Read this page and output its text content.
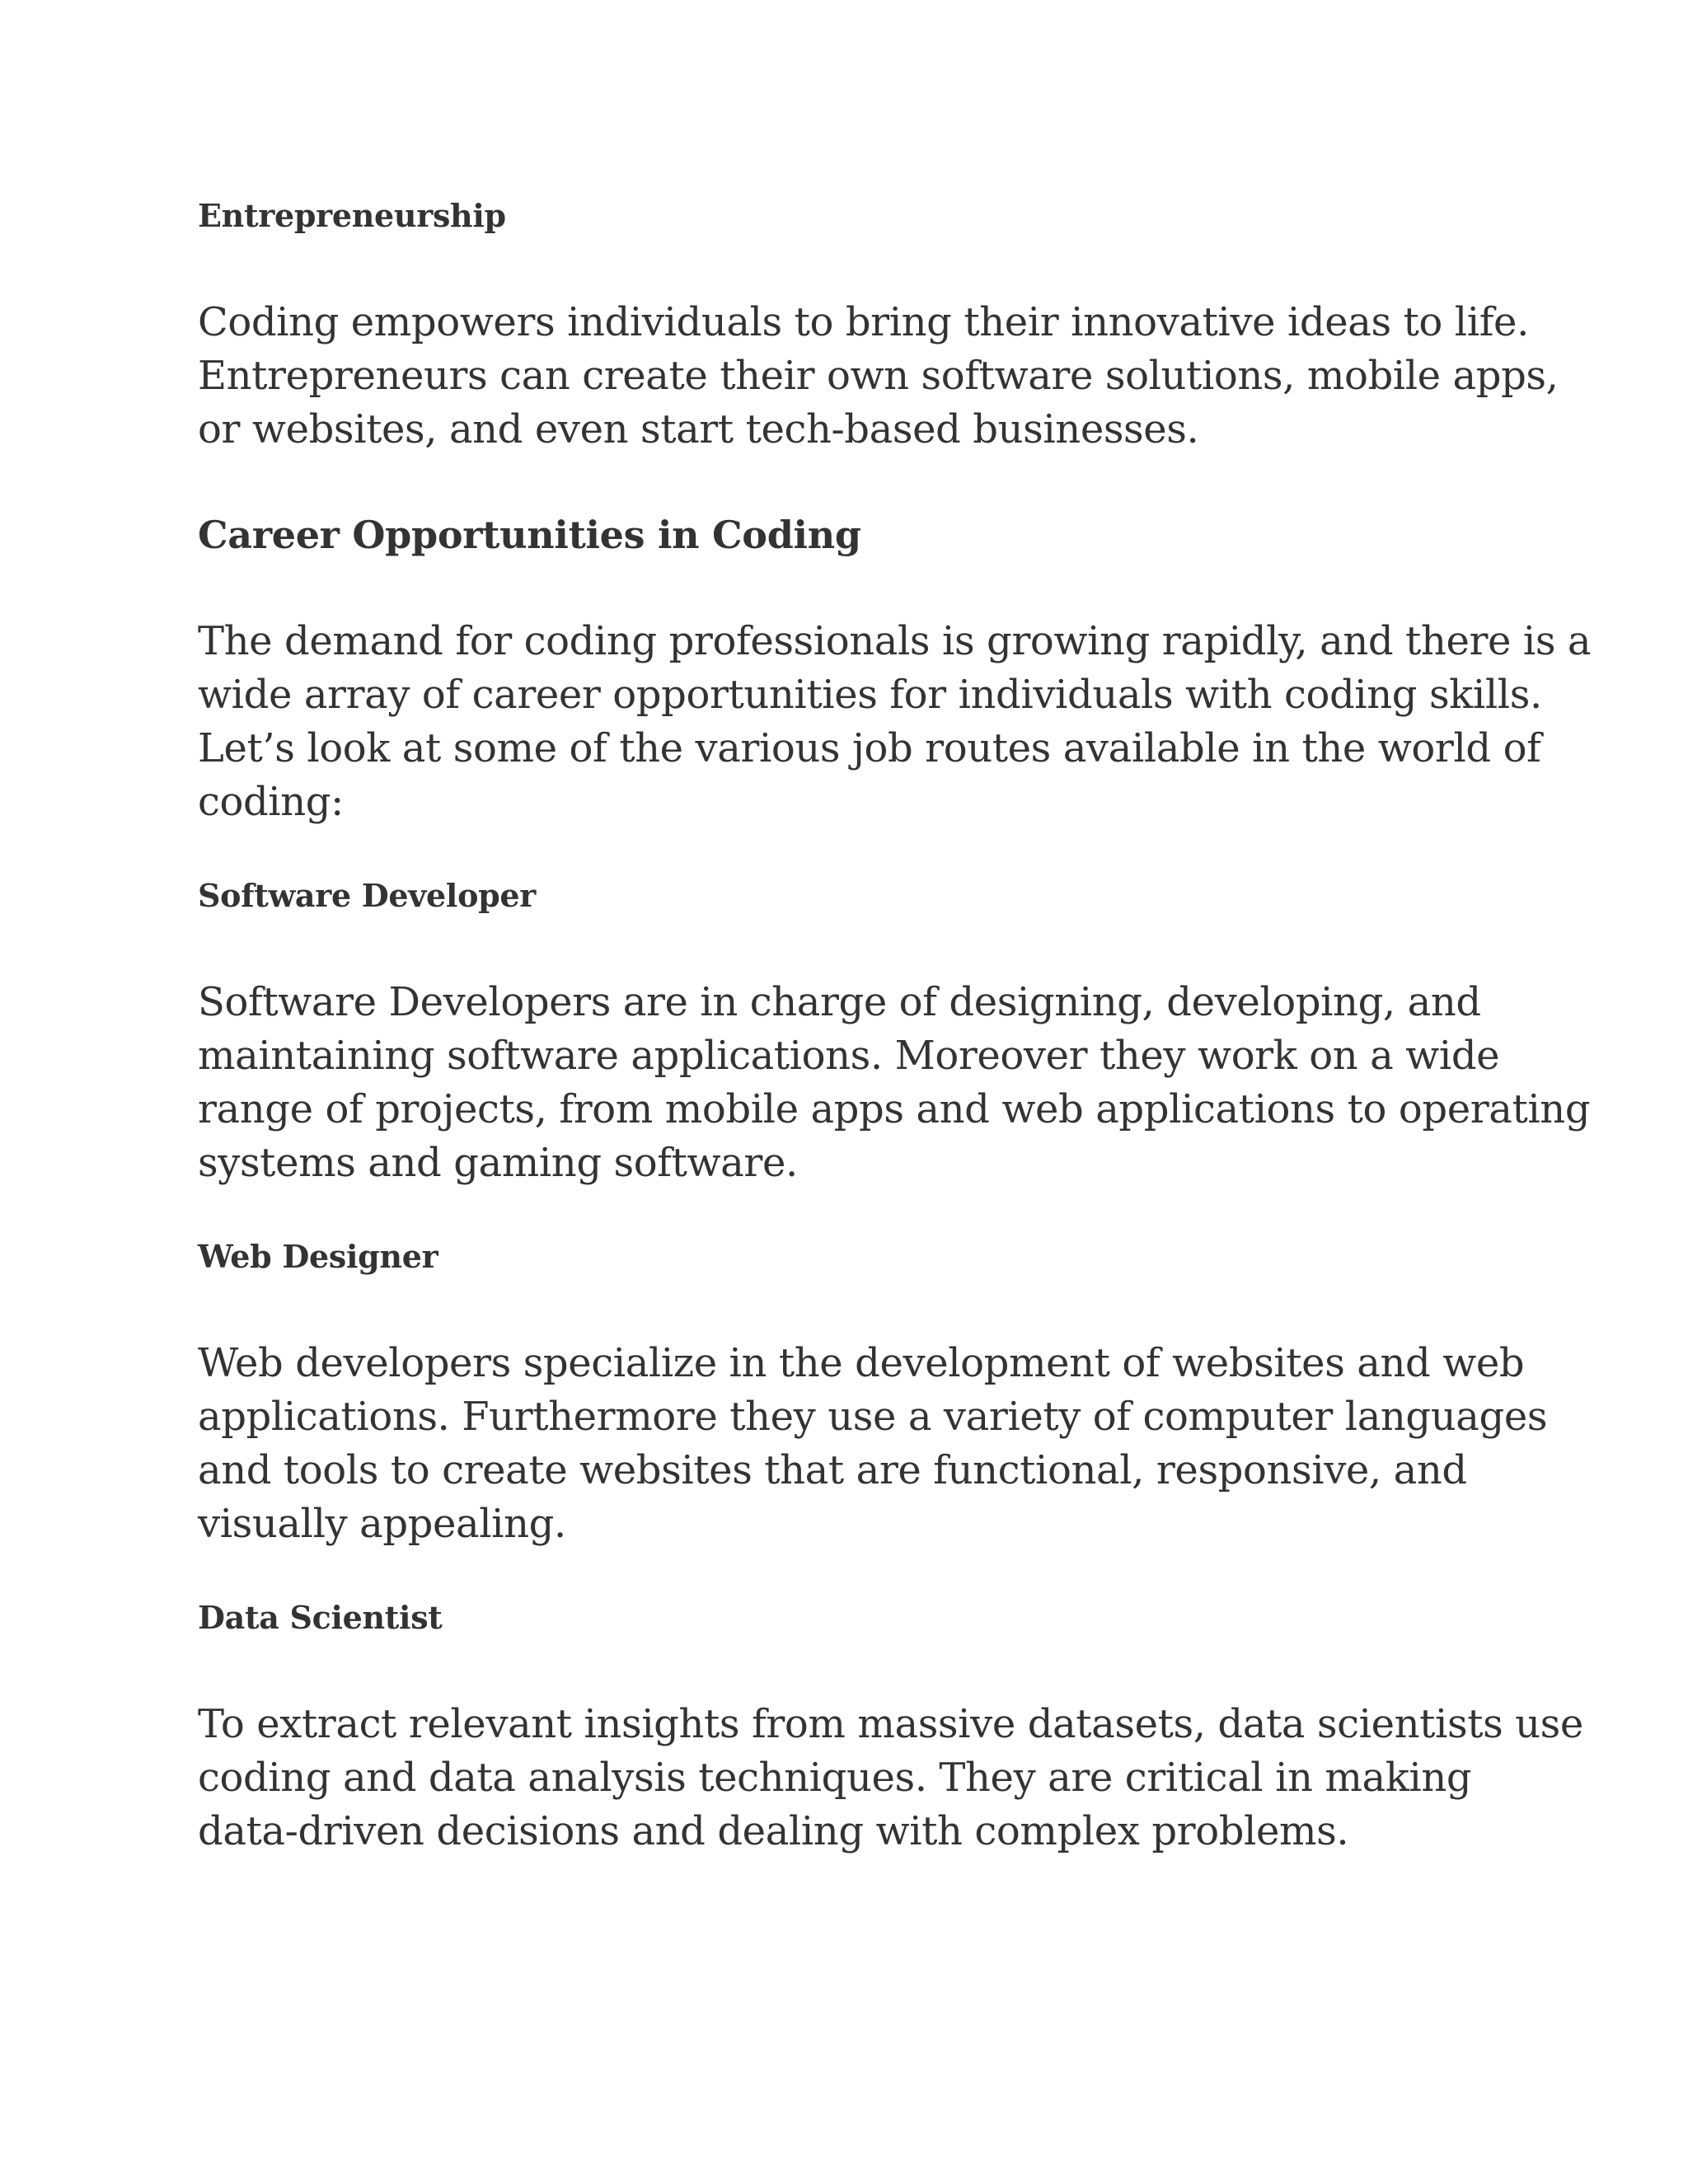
Entrepreneurship
Coding empowers individuals to bring their innovative ideas to life.
Entrepreneurs can create their own software solutions, mobile apps,
or websites, and even start tech-based businesses.
Career Opportunities in Coding
The demand for coding professionals is growing rapidly, and there is a
wide array of career opportunities for individuals with coding skills.
Let’s look at some of the various job routes available in the world of
coding:
Software Developer
Software Developers are in charge of designing, developing, and
maintaining software applications. Moreover they work on a wide
range of projects, from mobile apps and web applications to operating
systems and gaming software.
Web Designer
Web developers specialize in the development of websites and web
applications. Furthermore they use a variety of computer languages
and tools to create websites that are functional, responsive, and
visually appealing.
Data Scientist
To extract relevant insights from massive datasets, data scientists use
coding and data analysis techniques. They are critical in making
data-driven decisions and dealing with complex problems.
